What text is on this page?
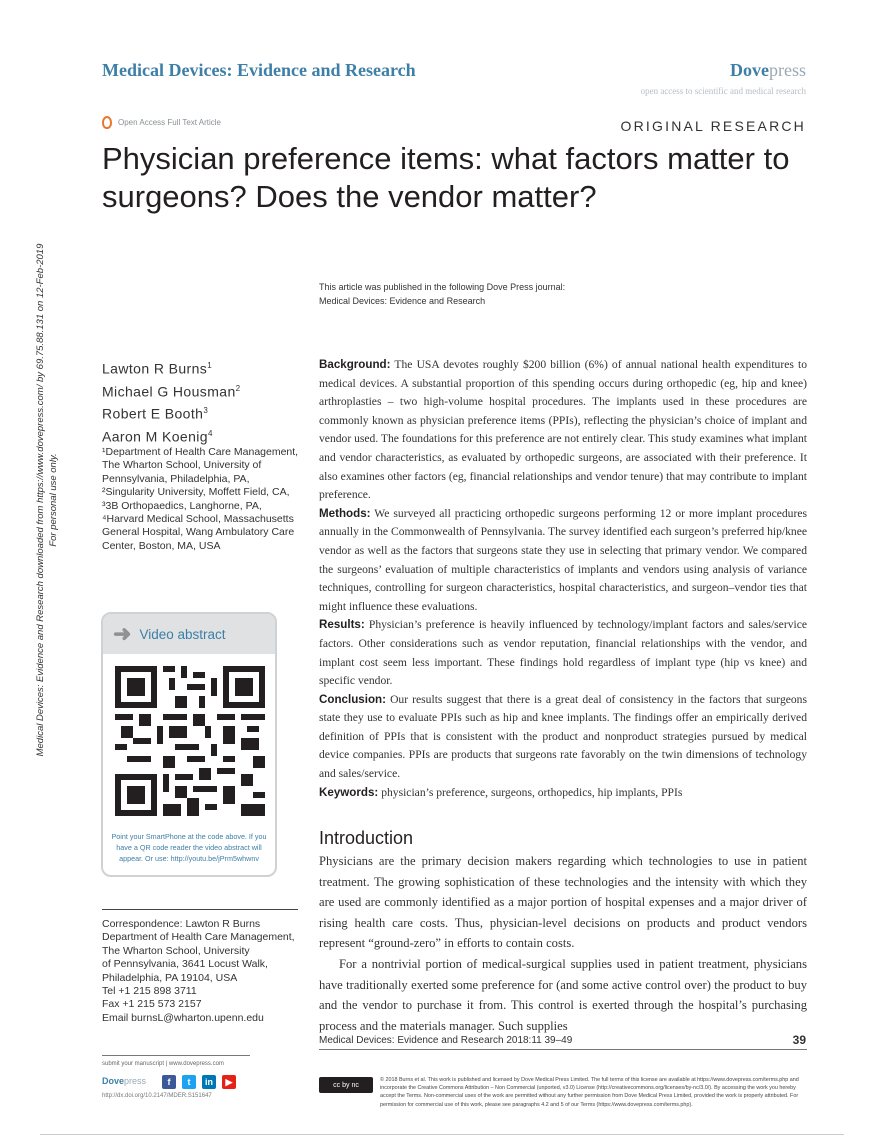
Medical Devices: Evidence and Research	Dovepress
open access to scientific and medical research
Open Access Full Text Article	ORIGINAL RESEARCH
Physician preference items: what factors matter to surgeons? Does the vendor matter?
This article was published in the following Dove Press journal:
Medical Devices: Evidence and Research
Medical Devices: Evidence and Research downloaded from https://www.dovepress.com/ by 69.75.88.131 on 12-Feb-2019 For personal use only.
Lawton R Burns$^1$
Michael G Housman$^2$
Robert E Booth$^3$
Aaron M Koenig$^4$
¹Department of Health Care Management, The Wharton School, University of Pennsylvania, Philadelphia, PA, ²Singularity University, Moffett Field, CA, ³3B Orthopaedics, Langhorne, PA, ⁴Harvard Medical School, Massachusetts General Hospital, Wang Ambulatory Care Center, Boston, MA, USA
➜ Video abstract
Point your SmartPhone at the code above. If you have a QR code reader the video abstract will appear. Or use: http://youtu.be/jPrm5whwnv
Correspondence: Lawton R Burns
Department of Health Care Management,
The Wharton School, University
of Pennsylvania, 3641 Locust Walk,
Philadelphia, PA 19104, USA
Tel +1 215 898 3711
Fax +1 215 573 2157
Email burnsL@wharton.upenn.edu

Background: The USA devotes roughly $200 billion (6%) of annual national health expenditures to medical devices. A substantial proportion of this spending occurs during orthopedic (eg, hip and knee) arthroplasties – two high-volume hospital procedures. The implants used in these procedures are commonly known as physician preference items (PPIs), reflecting the physician’s choice of implant and vendor used. The foundations for this preference are not entirely clear. This study examines what implant and vendor characteristics, as evaluated by orthopedic surgeons, are associated with their preference. It also examines other factors (eg, financial relationships and vendor tenure) that may contribute to implant preference.

Methods: We surveyed all practicing orthopedic surgeons performing 12 or more implant procedures annually in the Commonwealth of Pennsylvania. The survey identified each surgeon’s preferred hip/knee vendor as well as the factors that surgeons state they use in selecting that primary vendor. We compared the surgeons’ evaluation of multiple characteristics of implants and vendors using analysis of variance techniques, controlling for surgeon characteristics, hospital characteristics, and surgeon–vendor ties that might influence these evaluations.

Results: Physician’s preference is heavily influenced by technology/implant factors and sales/service factors. Other considerations such as vendor reputation, financial relationships with the vendor, and implant cost seem less important. These findings hold regardless of implant type (hip vs knee) and specific vendor.

Conclusion: Our results suggest that there is a great deal of consistency in the factors that surgeons state they use to evaluate PPIs such as hip and knee implants. The findings offer an empirically derived definition of PPIs that is consistent with the product and nonproduct strategies pursued by medical device companies. PPIs are products that surgeons rate favorably on the twin dimensions of technology and sales/service.

Keywords: physician’s preference, surgeons, orthopedics, hip implants, PPIs

Introduction

Physicians are the primary decision makers regarding which technologies to use in patient treatment. The growing sophistication of these technologies and the intensity with which they are used are commonly identified as a major portion of hospital expenses and a major driver of rising health care costs. Thus, physician-level decisions on products and product vendors represent “ground-zero” in efforts to contain costs.

For a nontrivial portion of medical-surgical supplies used in patient treatment, physicians have traditionally exerted some preference for (and some active control over) the product to buy and the vendor to purchase it from. This control is exerted through the hospital’s purchasing process and the materials manager. Such supplies

Medical Devices: Evidence and Research 2018:11 39–49	39
submit your manuscript | www.dovepress.com
Dovepress	f	t	in	▶
http://dx.doi.org/10.2147/MDER.S151647
cc by nc
© 2018 Burns et al. This work is published and licensed by Dove Medical Press Limited. The full terms of this license are available at https://www.dovepress.com/terms.php and incorporate the Creative Commons Attribution – Non Commercial (unported, v3.0) License (http://creativecommons.org/licenses/by-nc/3.0/). By accessing the work you hereby accept the Terms. Non-commercial uses of the work are permitted without any further permission from Dove Medical Press Limited, provided the work is properly attributed. For permission for commercial use of this work, please see paragraphs 4.2 and 5 of our Terms (https://www.dovepress.com/terms.php).
